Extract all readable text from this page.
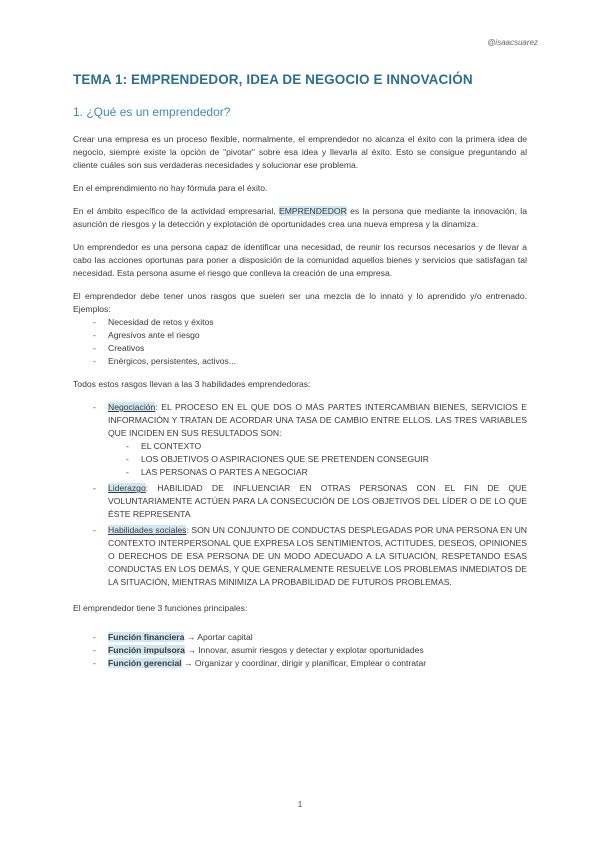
@isaacsuarez
TEMA 1: EMPRENDEDOR, IDEA DE NEGOCIO E INNOVACIÓN
1. ¿Qué es un emprendedor?

Crear una empresa es un proceso flexible, normalmente, el emprendedor no alcanza el éxito con la primera idea de negocio, siempre existe la opción de "pivotar" sobre esa idea y llevarla al éxito. Esto se consigue preguntando al cliente cuáles son sus verdaderas necesidades y solucionar ese problema.

En el emprendimiento no hay fórmula para el éxito.

En el ámbito específico de la actividad empresarial, EMPRENDEDOR es la persona que mediante la innovación, la asunción de riesgos y la detección y explotación de oportunidades crea una nueva empresa y la dinamiza.

Un emprendedor es una persona capaz de identificar una necesidad, de reunir los recursos necesarios y de llevar a cabo las acciones oportunas para poner a disposición de la comunidad aquellos bienes y servicios que satisfagan tal necesidad. Esta persona asume el riesgo que conlleva la creación de una empresa.

El emprendedor debe tener unos rasgos que suelen ser una mezcla de lo innato y lo aprendido y/o entrenado. Ejemplos:

- Necesidad de retos y éxitos
- Agresivos ante el riesgo
- Creativos
- Enérgicos, persistentes, activos...

Todos estos rasgos llevan a las 3 habilidades emprendedoras:

- Negociación: EL PROCESO EN EL QUE DOS O MÁS PARTES INTERCAMBIAN BIENES, SERVICIOS E INFORMACIÓN Y TRATAN DE ACORDAR UNA TASA DE CAMBIO ENTRE ELLOS. LAS TRES VARIABLES QUE INCIDEN EN SUS RESULTADOS SON:
- EL CONTEXTO
- LOS OBJETIVOS O ASPIRACIONES QUE SE PRETENDEN CONSEGUIR
- LAS PERSONAS O PARTES A NEGOCIAR
- Liderazgo: HABILIDAD DE INFLUENCIAR EN OTRAS PERSONAS CON EL FIN DE QUE VOLUNTARIAMENTE ACTÚEN PARA LA CONSECUCIÓN DE LOS OBJETIVOS DEL LÍDER O DE LO QUE ÉSTE REPRESENTA
- Habilidades sociales: SON UN CONJUNTO DE CONDUCTAS DESPLEGADAS POR UNA PERSONA EN UN CONTEXTO INTERPERSONAL QUE EXPRESA LOS SENTIMIENTOS, ACTITUDES, DESEOS, OPINIONES O DERECHOS DE ESA PERSONA DE UN MODO ADECUADO A LA SITUACIÓN, RESPETANDO ESAS CONDUCTAS EN LOS DEMÁS, Y QUE GENERALMENTE RESUELVE LOS PROBLEMAS INMEDIATOS DE LA SITUACIÓN, MIENTRAS MINIMIZA LA PROBABILIDAD DE FUTUROS PROBLEMAS.

El emprendedor tiene 3 funciones principales:

- Función financiera → Aportar capital
- Función impulsora → Innovar, asumir riesgos y detectar y explotar oportunidades
- Función gerencial → Organizar y coordinar, dirigir y planificar, Emplear o contratar
1
